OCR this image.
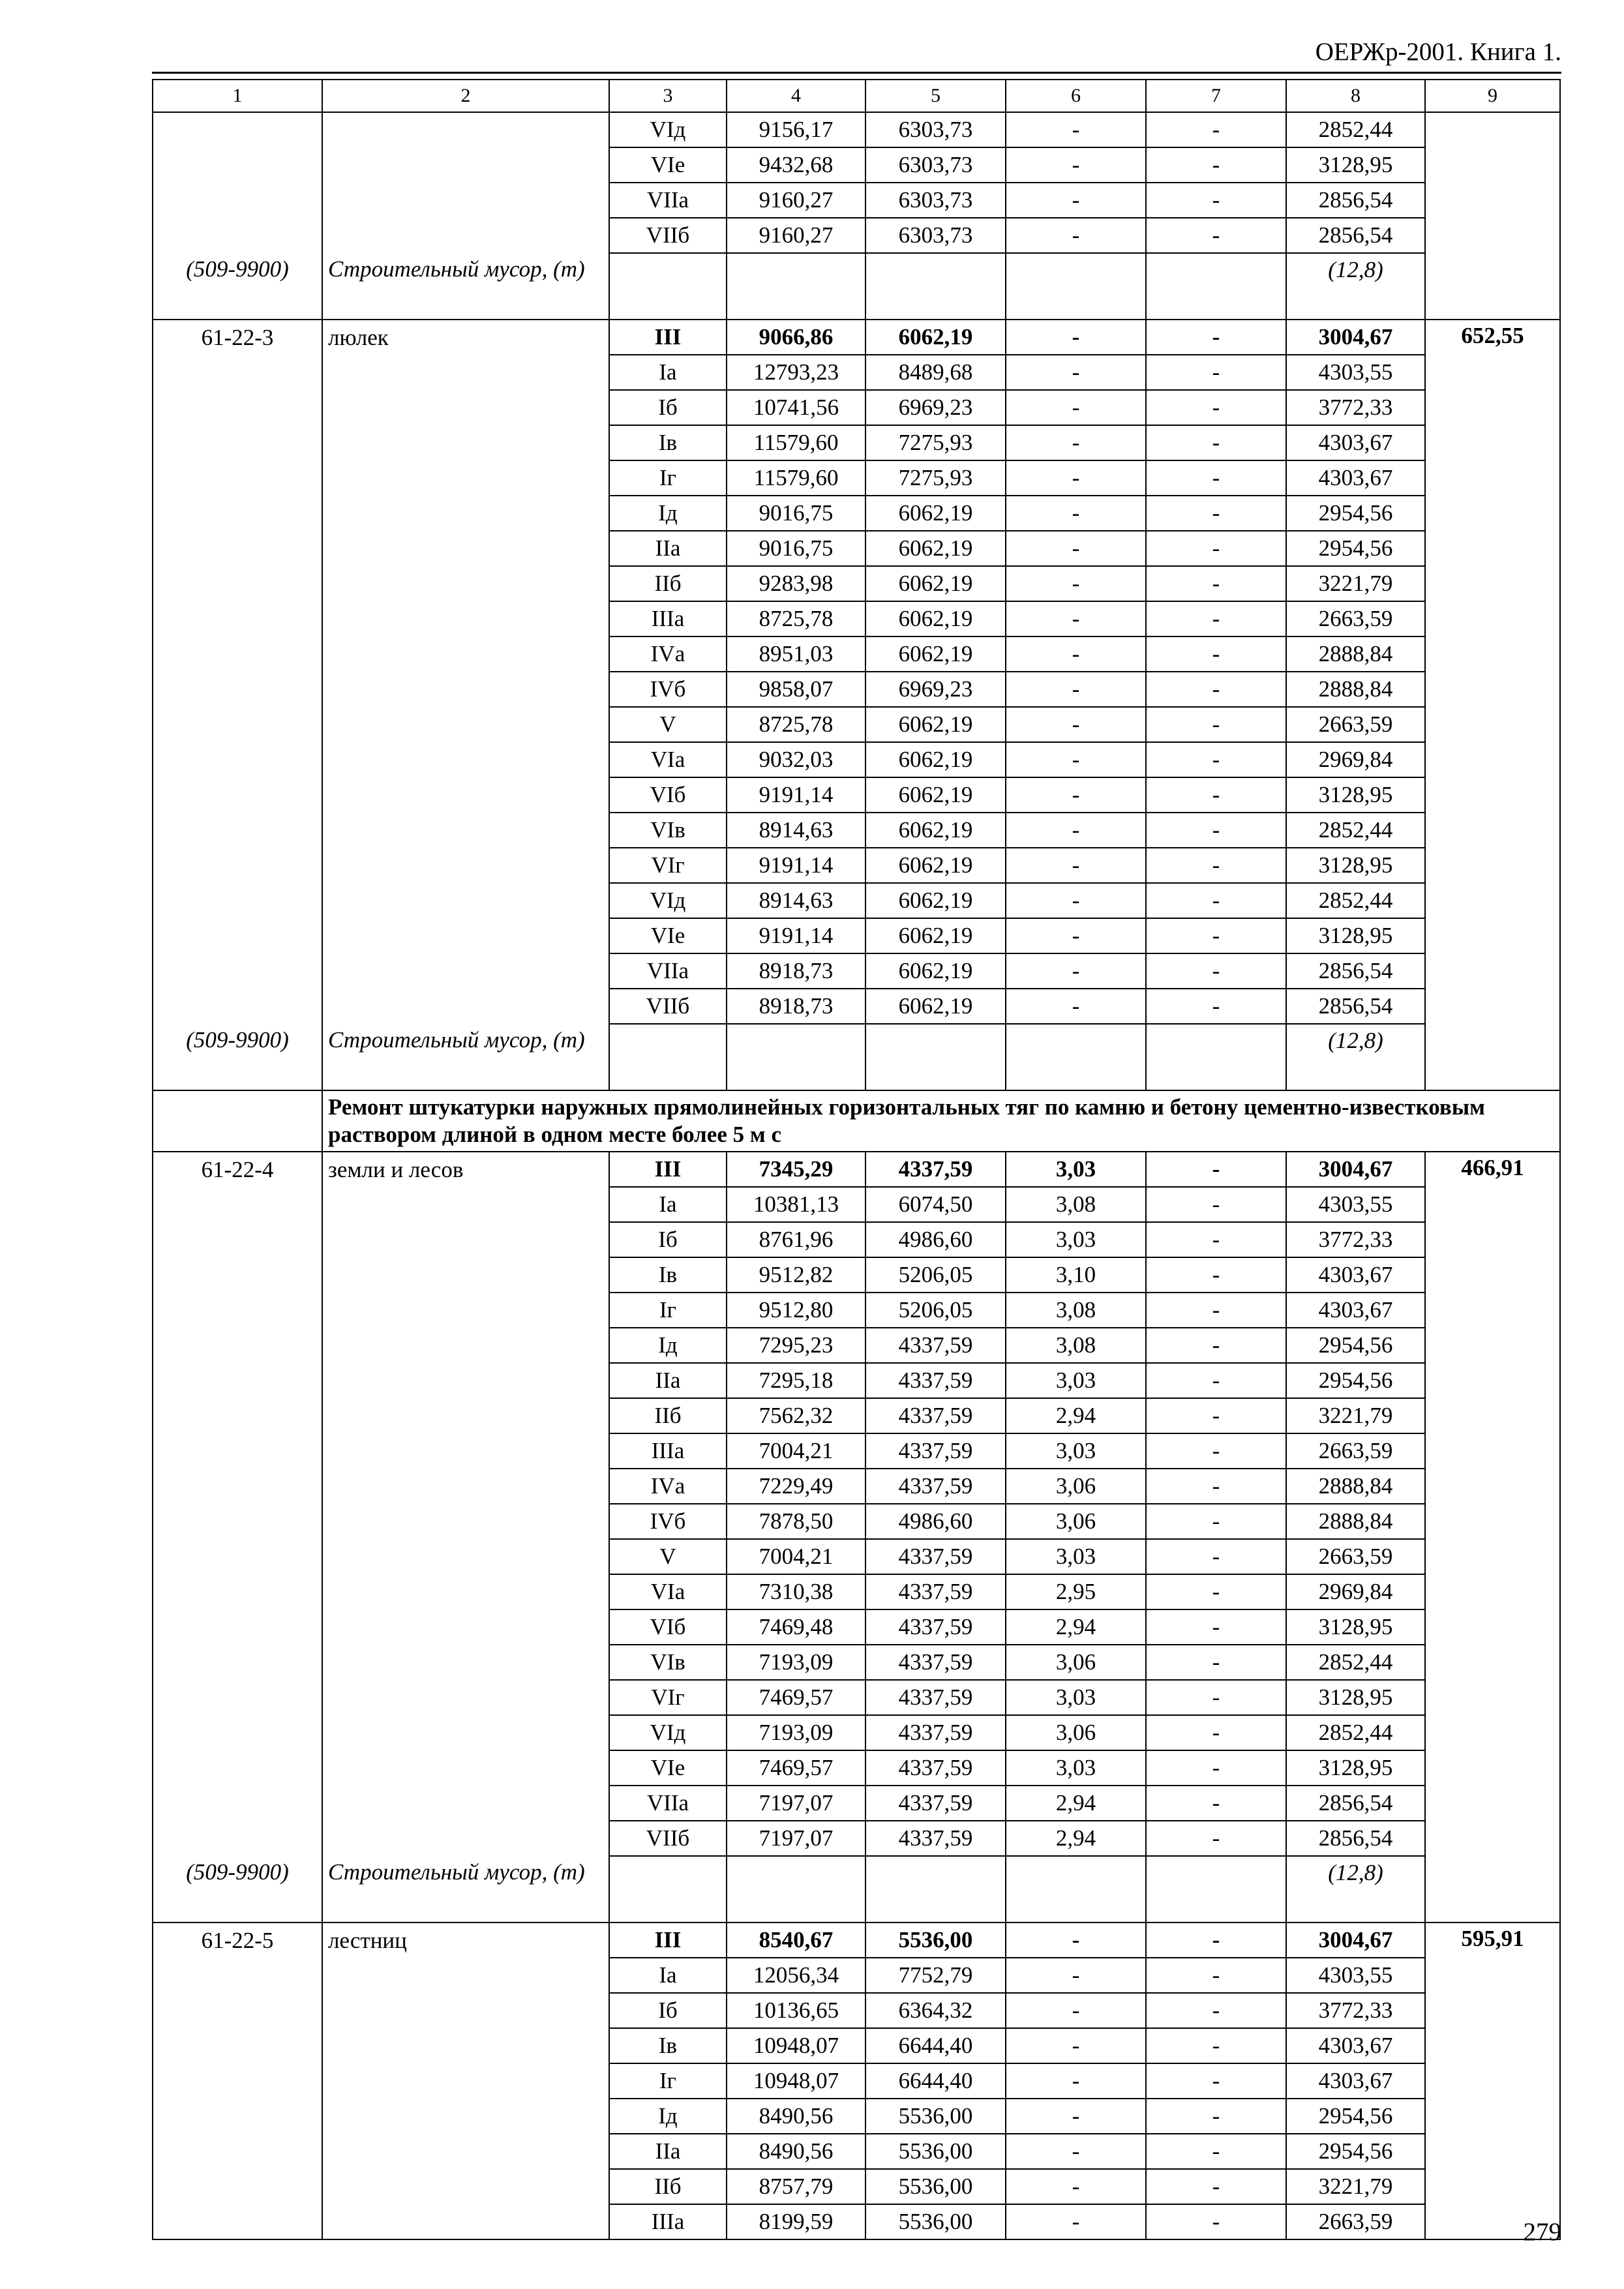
ОЕРЖр-2001. Книга 1.
1	2	3	4	5	6	7	8	9
		VIд	9156,17	6303,73	-	-	2852,44	
		VIе	9432,68	6303,73	-	-	3128,95	
		VIIа	9160,27	6303,73	-	-	2856,54	
		VIIб	9160,27	6303,73	-	-	2856,54	
(509-9900)	Строительный мусор, (т)						(12,8)	
61-22-3	люлек	III	9066,86	6062,19	-	-	3004,67	652,55
		Iа	12793,23	8489,68	-	-	4303,55	
		Iб	10741,56	6969,23	-	-	3772,33	
		Iв	11579,60	7275,93	-	-	4303,67	
		Iг	11579,60	7275,93	-	-	4303,67	
		Iд	9016,75	6062,19	-	-	2954,56	
		IIа	9016,75	6062,19	-	-	2954,56	
		IIб	9283,98	6062,19	-	-	3221,79	
		IIIа	8725,78	6062,19	-	-	2663,59	
		IVа	8951,03	6062,19	-	-	2888,84	
		IVб	9858,07	6969,23	-	-	2888,84	
		V	8725,78	6062,19	-	-	2663,59	
		VIа	9032,03	6062,19	-	-	2969,84	
		VIб	9191,14	6062,19	-	-	3128,95	
		VIв	8914,63	6062,19	-	-	2852,44	
		VIг	9191,14	6062,19	-	-	3128,95	
		VIд	8914,63	6062,19	-	-	2852,44	
		VIе	9191,14	6062,19	-	-	3128,95	
		VIIа	8918,73	6062,19	-	-	2856,54	
		VIIб	8918,73	6062,19	-	-	2856,54	
(509-9900)	Строительный мусор, (т)						(12,8)	
	Ремонт штукатурки наружных прямолинейных горизонтальных тяг по камню и бетону цементно-известковым раствором длиной в одном месте более 5 м с							
61-22-4	земли и лесов	III	7345,29	4337,59	3,03	-	3004,67	466,91
		Iа	10381,13	6074,50	3,08	-	4303,55	
		Iб	8761,96	4986,60	3,03	-	3772,33	
		Iв	9512,82	5206,05	3,10	-	4303,67	
		Iг	9512,80	5206,05	3,08	-	4303,67	
		Iд	7295,23	4337,59	3,08	-	2954,56	
		IIа	7295,18	4337,59	3,03	-	2954,56	
		IIб	7562,32	4337,59	2,94	-	3221,79	
		IIIа	7004,21	4337,59	3,03	-	2663,59	
		IVа	7229,49	4337,59	3,06	-	2888,84	
		IVб	7878,50	4986,60	3,06	-	2888,84	
		V	7004,21	4337,59	3,03	-	2663,59	
		VIа	7310,38	4337,59	2,95	-	2969,84	
		VIб	7469,48	4337,59	2,94	-	3128,95	
		VIв	7193,09	4337,59	3,06	-	2852,44	
		VIг	7469,57	4337,59	3,03	-	3128,95	
		VIд	7193,09	4337,59	3,06	-	2852,44	
		VIе	7469,57	4337,59	3,03	-	3128,95	
		VIIа	7197,07	4337,59	2,94	-	2856,54	
		VIIб	7197,07	4337,59	2,94	-	2856,54	
(509-9900)	Строительный мусор, (т)						(12,8)	
61-22-5	лестниц	III	8540,67	5536,00	-	-	3004,67	595,91
		Iа	12056,34	7752,79	-	-	4303,55	
		Iб	10136,65	6364,32	-	-	3772,33	
		Iв	10948,07	6644,40	-	-	4303,67	
		Iг	10948,07	6644,40	-	-	4303,67	
		Iд	8490,56	5536,00	-	-	2954,56	
		IIа	8490,56	5536,00	-	-	2954,56	
		IIб	8757,79	5536,00	-	-	3221,79	
		IIIа	8199,59	5536,00	-	-	2663,59		279
